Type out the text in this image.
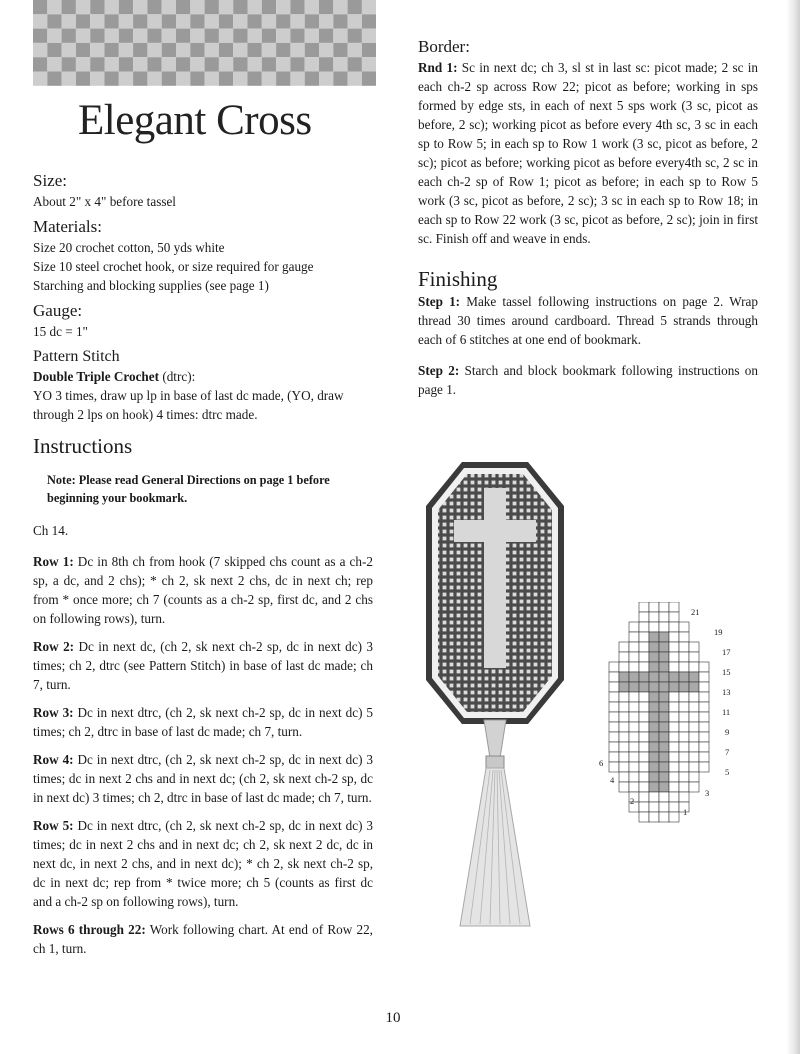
Elegant Cross

Size:

About 2" x 4" before tassel

Materials:

Size 20 crochet cotton, 50 yds white

Size 10 steel crochet hook, or size required for gauge

Starching and blocking supplies (see page 1)

Gauge:

15 dc = 1"

Pattern Stitch

Double Triple Crochet (dtrc):

YO 3 times, draw up lp in base of last dc made, (YO, draw through 2 lps on hook) 4 times: dtrc made.

Instructions

Note: Please read General Directions on page 1 before beginning your bookmark.

Ch 14.

Row 1: Dc in 8th ch from hook (7 skipped chs count as a ch-2 sp, a dc, and 2 chs); * ch 2, sk next 2 chs, dc in next ch; rep from * once more; ch 7 (counts as a ch-2 sp, first dc, and 2 chs on following rows), turn.

Row 2: Dc in next dc, (ch 2, sk next ch-2 sp, dc in next dc) 3 times; ch 2, dtrc (see Pattern Stitch) in base of last dc made; ch 7, turn.

Row 3: Dc in next dtrc, (ch 2, sk next ch-2 sp, dc in next dc) 5 times; ch 2, dtrc in base of last dc made; ch 7, turn.

Row 4: Dc in next dtrc, (ch 2, sk next ch-2 sp, dc in next dc) 3 times; dc in next 2 chs and in next dc; (ch 2, sk next ch-2 sp, dc in next dc) 3 times; ch 2, dtrc in base of last dc made; ch 7, turn.

Row 5: Dc in next dtrc, (ch 2, sk next ch-2 sp, dc in next dc) 3 times; dc in next 2 chs and in next dc; ch 2, sk next 2 dc, dc in next dc, in next 2 chs, and in next dc); * ch 2, sk next ch-2 sp, dc in next dc; rep from * twice more; ch 5 (counts as first dc and a ch-2 sp on following rows), turn.

Rows 6 through 22: Work following chart. At end of Row 22, ch 1, turn.

Border:

Rnd 1: Sc in next dc; ch 3, sl st in last sc: picot made; 2 sc in each ch-2 sp across Row 22; picot as before; working in sps formed by edge sts, in each of next 5 sps work (3 sc, picot as before, 2 sc); working picot as before every 4th sc, 3 sc in each sp to Row 5; in each sp to Row 1 work (3 sc, picot as before, 2 sc); picot as before; working picot as before every4th sc, 2 sc in each ch-2 sp of Row 1; picot as before; in each sp to Row 5 work (3 sc, picot as before, 2 sc); 3 sc in each sp to Row 18; in each sp to Row 22 work (3 sc, picot as before, 2 sc); join in first sc. Finish off and weave in ends.

Finishing

Step 1: Make tassel following instructions on page 2. Wrap thread 30 times around cardboard. Thread 5 strands through each of 6 stitches at one end of bookmark.

Step 2: Starch and block bookmark following instructions on page 1.

21
19
17
15
13
11
9
7
5
3
1
6
4
2
10
